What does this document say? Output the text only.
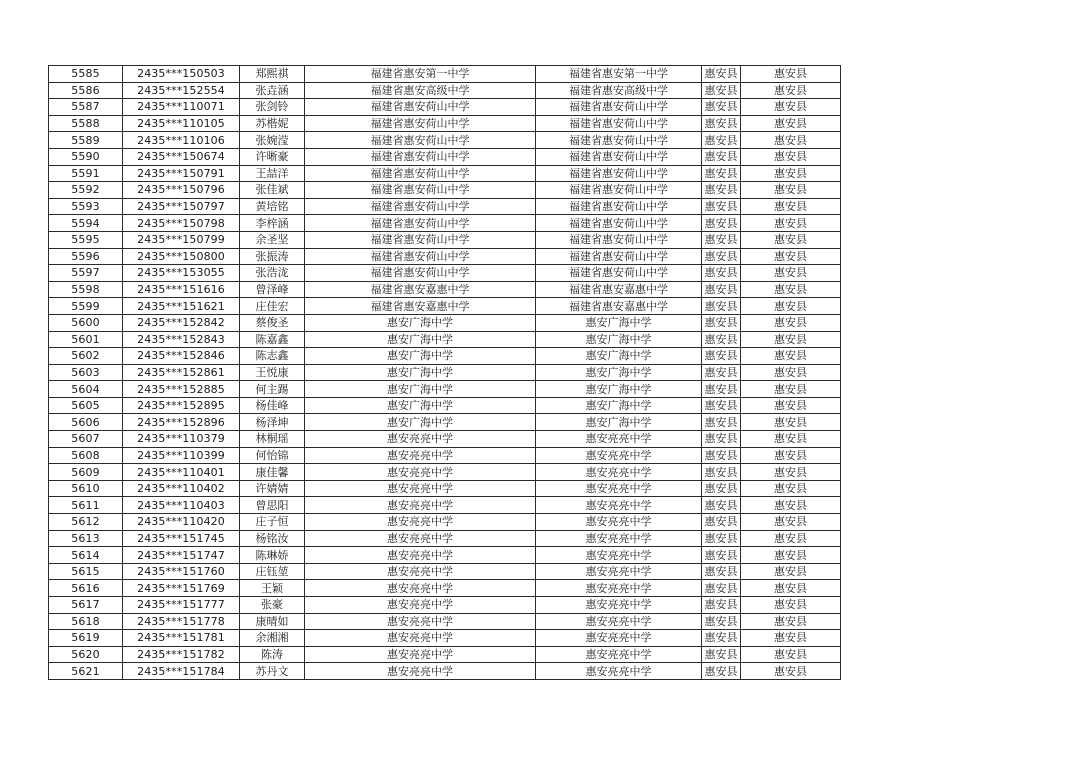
5585	2435***150503	郑熙祺	福建省惠安第一中学	福建省惠安第一中学	惠安县	惠安县
5586	2435***152554	张垚涵	福建省惠安高级中学	福建省惠安高级中学	惠安县	惠安县
5587	2435***110071	张剑铃	福建省惠安荷山中学	福建省惠安荷山中学	惠安县	惠安县
5588	2435***110105	苏楷妮	福建省惠安荷山中学	福建省惠安荷山中学	惠安县	惠安县
5589	2435***110106	张婉滢	福建省惠安荷山中学	福建省惠安荷山中学	惠安县	惠安县
5590	2435***150674	许晰豪	福建省惠安荷山中学	福建省惠安荷山中学	惠安县	惠安县
5591	2435***150791	王喆洋	福建省惠安荷山中学	福建省惠安荷山中学	惠安县	惠安县
5592	2435***150796	张佳斌	福建省惠安荷山中学	福建省惠安荷山中学	惠安县	惠安县
5593	2435***150797	黄培铭	福建省惠安荷山中学	福建省惠安荷山中学	惠安县	惠安县
5594	2435***150798	李梓涵	福建省惠安荷山中学	福建省惠安荷山中学	惠安县	惠安县
5595	2435***150799	余圣坚	福建省惠安荷山中学	福建省惠安荷山中学	惠安县	惠安县
5596	2435***150800	张振涛	福建省惠安荷山中学	福建省惠安荷山中学	惠安县	惠安县
5597	2435***153055	张浩泷	福建省惠安荷山中学	福建省惠安荷山中学	惠安县	惠安县
5598	2435***151616	曾泽峰	福建省惠安嘉惠中学	福建省惠安嘉惠中学	惠安县	惠安县
5599	2435***151621	庄佳宏	福建省惠安嘉惠中学	福建省惠安嘉惠中学	惠安县	惠安县
5600	2435***152842	蔡俊圣	惠安广海中学	惠安广海中学	惠安县	惠安县
5601	2435***152843	陈嘉鑫	惠安广海中学	惠安广海中学	惠安县	惠安县
5602	2435***152846	陈志鑫	惠安广海中学	惠安广海中学	惠安县	惠安县
5603	2435***152861	王悦康	惠安广海中学	惠安广海中学	惠安县	惠安县
5604	2435***152885	何主踢	惠安广海中学	惠安广海中学	惠安县	惠安县
5605	2435***152895	杨佳峰	惠安广海中学	惠安广海中学	惠安县	惠安县
5606	2435***152896	杨泽坤	惠安广海中学	惠安广海中学	惠安县	惠安县
5607	2435***110379	林桐瑶	惠安亮亮中学	惠安亮亮中学	惠安县	惠安县
5608	2435***110399	何怡锦	惠安亮亮中学	惠安亮亮中学	惠安县	惠安县
5609	2435***110401	康佳馨	惠安亮亮中学	惠安亮亮中学	惠安县	惠安县
5610	2435***110402	许婧婧	惠安亮亮中学	惠安亮亮中学	惠安县	惠安县
5611	2435***110403	曾思阳	惠安亮亮中学	惠安亮亮中学	惠安县	惠安县
5612	2435***110420	庄子恒	惠安亮亮中学	惠安亮亮中学	惠安县	惠安县
5613	2435***151745	杨铭汝	惠安亮亮中学	惠安亮亮中学	惠安县	惠安县
5614	2435***151747	陈琳娇	惠安亮亮中学	惠安亮亮中学	惠安县	惠安县
5615	2435***151760	庄钰堃	惠安亮亮中学	惠安亮亮中学	惠安县	惠安县
5616	2435***151769	王颖	惠安亮亮中学	惠安亮亮中学	惠安县	惠安县
5617	2435***151777	张豪	惠安亮亮中学	惠安亮亮中学	惠安县	惠安县
5618	2435***151778	康晴如	惠安亮亮中学	惠安亮亮中学	惠安县	惠安县
5619	2435***151781	余湘湘	惠安亮亮中学	惠安亮亮中学	惠安县	惠安县
5620	2435***151782	陈涛	惠安亮亮中学	惠安亮亮中学	惠安县	惠安县
5621	2435***151784	苏丹文	惠安亮亮中学	惠安亮亮中学	惠安县	惠安县
